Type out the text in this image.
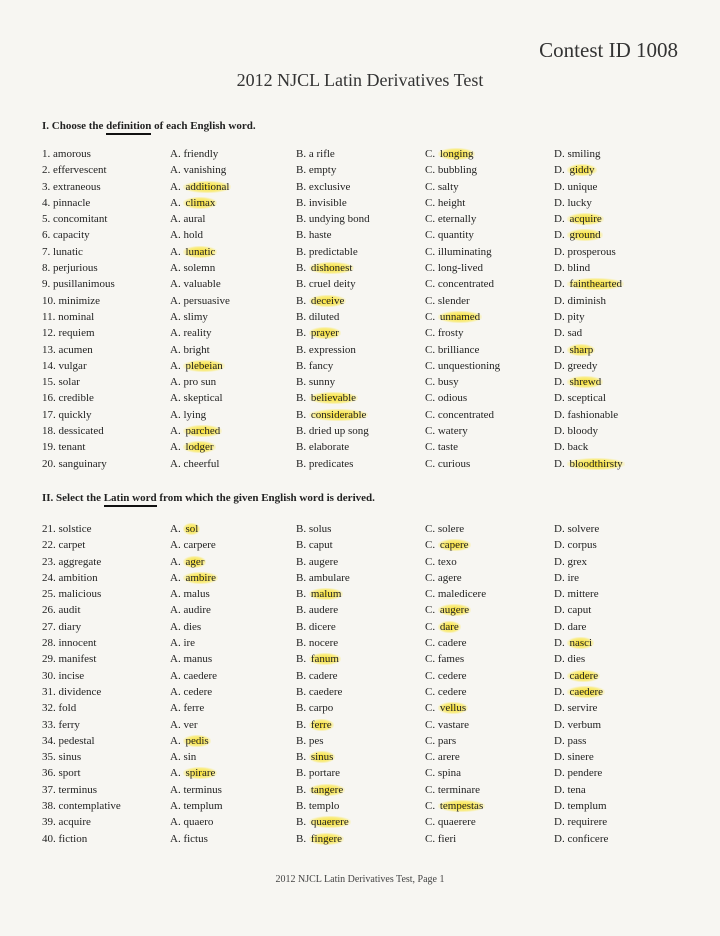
Contest ID 1008
2012 NJCL Latin Derivatives Test
I. Choose the definition of each English word.
1. amorous	A. friendly	B. a rifle	C. longing	D. smiling
2. effervescent	A. vanishing	B. empty	C. bubbling	D. giddy
3. extraneous	A. additional	B. exclusive	C. salty	D. unique
4. pinnacle	A. climax	B. invisible	C. height	D. lucky
5. concomitant	A. aural	B. undying bond	C. eternally	D. acquire
6. capacity	A. hold	B. haste	C. quantity	D. ground
7. lunatic	A. lunatic	B. predictable	C. illuminating	D. prosperous
8. perjurious	A. solemn	B. dishonest	C. long-lived	D. blind
9. pusillanimous	A. valuable	B. cruel deity	C. concentrated	D. fainthearted
10. minimize	A. persuasive	B. deceive	C. slender	D. diminish
11. nominal	A. slimy	B. diluted	C. unnamed	D. pity
12. requiem	A. reality	B. prayer	C. frosty	D. sad
13. acumen	A. bright	B. expression	C. brilliance	D. sharp
14. vulgar	A. plebeian	B. fancy	C. unquestioning	D. greedy
15. solar	A. pro sun	B. sunny	C. busy	D. shrewd
16. credible	A. skeptical	B. believable	C. odious	D. sceptical
17. quickly	A. lying	B. considerable	C. concentrated	D. fashionable
18. dessicated	A. parched	B. dried up song	C. watery	D. bloody
19. tenant	A. lodger	B. elaborate	C. taste	D. back
20. sanguinary	A. cheerful	B. predicates	C. curious	D. bloodthirsty
II. Select the Latin word from which the given English word is derived.
21. solstice	A. sol	B. solus	C. solere	D. solvere
22. carpet	A. carpere	B. caput	C. capere	D. corpus
23. aggregate	A. ager	B. augere	C. texo	D. grex
24. ambition	A. ambire	B. ambulare	C. agere	D. ire
25. malicious	A. malus	B. malum	C. maledicere	D. mittere
26. audit	A. audire	B. audere	C. augere	D. caput
27. diary	A. dies	B. dicere	C. dare	D. dare
28. innocent	A. ire	B. nocere	C. cadere	D. nasci
29. manifest	A. manus	B. fanum	C. fames	D. dies
30. incise	A. caedere	B. cadere	C. cedere	D. cadere
31. dividence	A. cedere	B. caedere	C. cedere	D. caedere
32. fold	A. ferre	B. carpo	C. vellus	D. servire
33. ferry	A. ver	B. ferre	C. vastare	D. verbum
34. pedestal	A. pedis	B. pes	C. pars	D. pass
35. sinus	A. sin	B. sinus	C. arere	D. sinere
36. sport	A. spirare	B. portare	C. spina	D. pendere
37. terminus	A. terminus	B. tangere	C. terminare	D. tena
38. contemplative	A. templum	B. templo	C. tempestas	D. templum
39. acquire	A. quaero	B. quaerere	C. quaerere	D. requirere
40. fiction	A. fictus	B. fingere	C. fieri	D. conficere
2012 NJCL Latin Derivatives Test, Page 1
